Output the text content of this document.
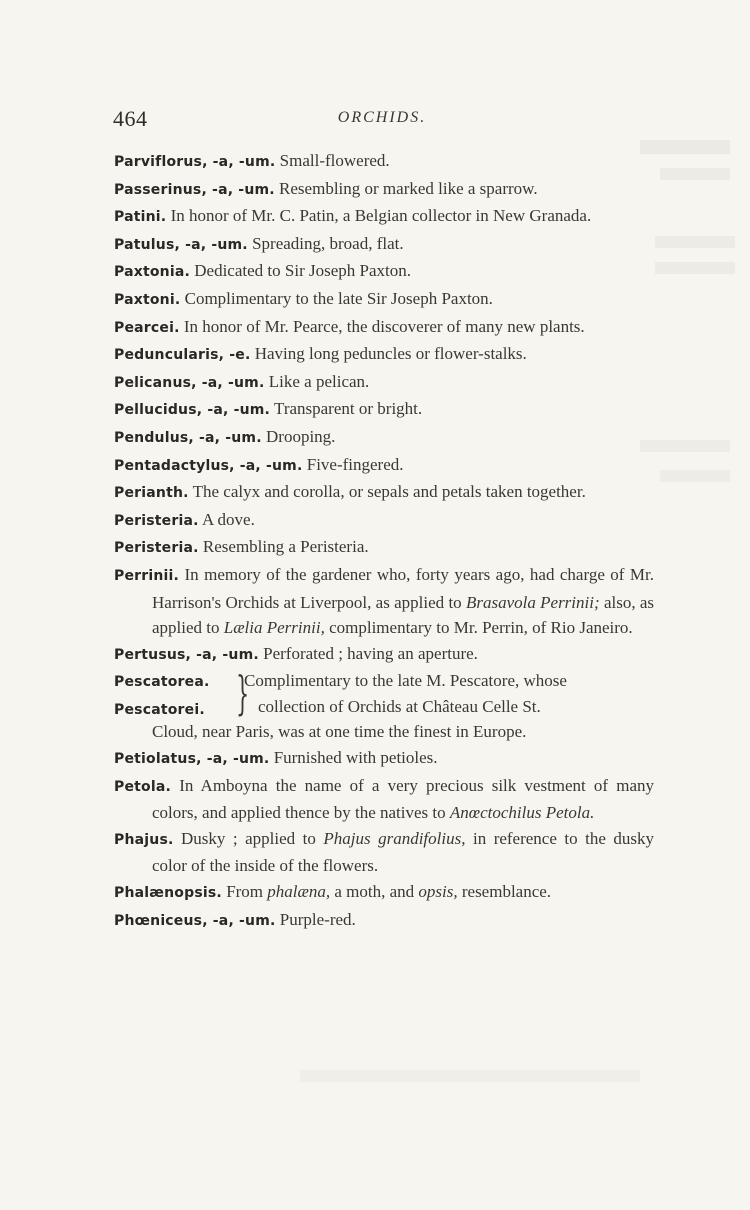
464	ORCHIDS.

Parviflorus, -a, -um. Small-flowered.

Passerinus, -a, -um. Resembling or marked like a sparrow.

Patini. In honor of Mr. C. Patin, a Belgian collector in New Granada.

Patulus, -a, -um. Spreading, broad, flat.

Paxtonia. Dedicated to Sir Joseph Paxton.

Paxtoni. Complimentary to the late Sir Joseph Paxton.

Pearcei. In honor of Mr. Pearce, the discoverer of many new plants.

Peduncularis, -e. Having long peduncles or flower-stalks.

Pelicanus, -a, -um. Like a pelican.

Pellucidus, -a, -um. Transparent or bright.

Pendulus, -a, -um. Drooping.

Pentadactylus, -a, -um. Five-fingered.

Perianth. The calyx and corolla, or sepals and petals taken together.

Peristeria. A dove.

Peristeria. Resembling a Peristeria.

Perrinii. In memory of the gardener who, forty years ago, had charge of Mr. Harrison's Orchids at Liverpool, as applied to Brasavola Perrinii; also, as applied to Lælia Perrinii, complimentary to Mr. Perrin, of Rio Janeiro.

Pertusus, -a, -um. Perforated ; having an aperture.

Pescatorea.
Pescatorei. }
Complimentary to the late M. Pescatore, whose
collection of Orchids at Château Celle St.
Cloud, near Paris, was at one time the finest in Europe.

Petiolatus, -a, -um. Furnished with petioles.

Petola. In Amboyna the name of a very precious silk vestment of many colors, and applied thence by the natives to Anœctochilus Petola.

Phajus. Dusky ; applied to Phajus grandifolius, in reference to the dusky color of the inside of the flowers.

Phalænopsis. From phalæna, a moth, and opsis, resemblance.

Phœniceus, -a, -um. Purple-red.
